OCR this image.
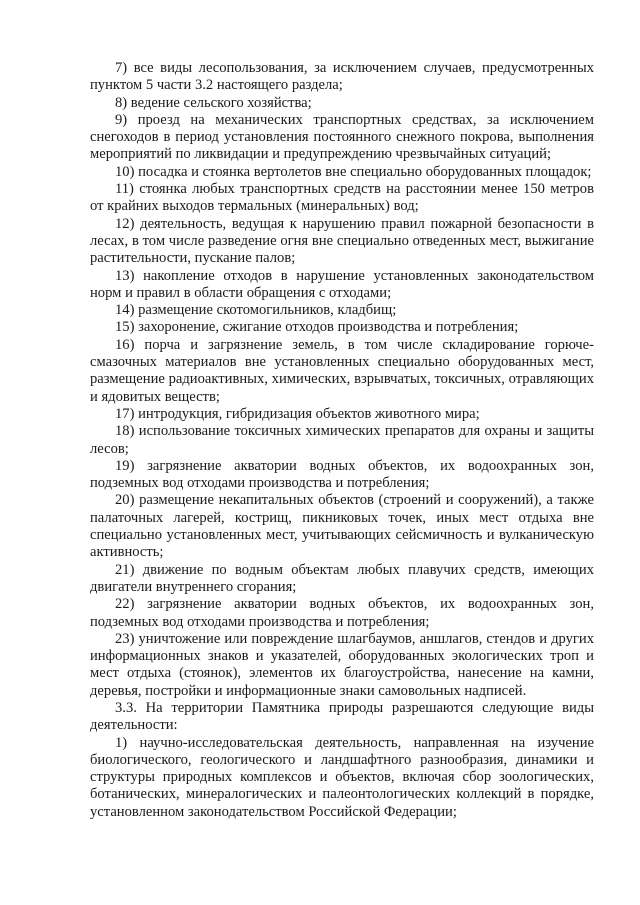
7) все виды лесопользования, за исключением случаев, предусмотренных пунктом 5 части 3.2 настоящего раздела;

8) ведение сельского хозяйства;

9) проезд на механических транспортных средствах, за исключением снегоходов в период установления постоянного снежного покрова, выполнения мероприятий по ликвидации и предупреждению чрезвычайных ситуаций;

10) посадка и стоянка вертолетов вне специально оборудованных площадок;

11) стоянка любых транспортных средств на расстоянии менее 150 метров от крайних выходов термальных (минеральных) вод;

12) деятельность, ведущая к нарушению правил пожарной безопасности в лесах, в том числе разведение огня вне специально отведенных мест, выжигание растительности, пускание палов;

13) накопление отходов в нарушение установленных законодательством норм и правил в области обращения с отходами;

14) размещение скотомогильников, кладбищ;

15) захоронение, сжигание отходов производства и потребления;

16) порча и загрязнение земель, в том числе складирование горюче-смазочных материалов вне установленных специально оборудованных мест, размещение радиоактивных, химических, взрывчатых, токсичных, отравляющих и ядовитых веществ;

17) интродукция, гибридизация объектов животного мира;

18) использование токсичных химических препаратов для охраны и защиты лесов;

19) загрязнение акватории водных объектов, их водоохранных зон, подземных вод отходами производства и потребления;

20) размещение некапитальных объектов (строений и сооружений), а также палаточных лагерей, кострищ, пикниковых точек, иных мест отдыха вне специально установленных мест, учитывающих сейсмичность и вулканическую активность;

21) движение по водным объектам любых плавучих средств, имеющих двигатели внутреннего сгорания;

22) загрязнение акватории водных объектов, их водоохранных зон, подземных вод отходами производства и потребления;

23) уничтожение или повреждение шлагбаумов, аншлагов, стендов и других информационных знаков и указателей, оборудованных экологических троп и мест отдыха (стоянок), элементов их благоустройства, нанесение на камни, деревья, постройки и информационные знаки самовольных надписей.

3.3. На территории Памятника природы разрешаются следующие виды деятельности:

1) научно-исследовательская деятельность, направленная на изучение биологического, геологического и ландшафтного разнообразия, динамики и структуры природных комплексов и объектов, включая сбор зоологических, ботанических, минералогических и палеонтологических коллекций в порядке, установленном законодательством Российской Федерации;
